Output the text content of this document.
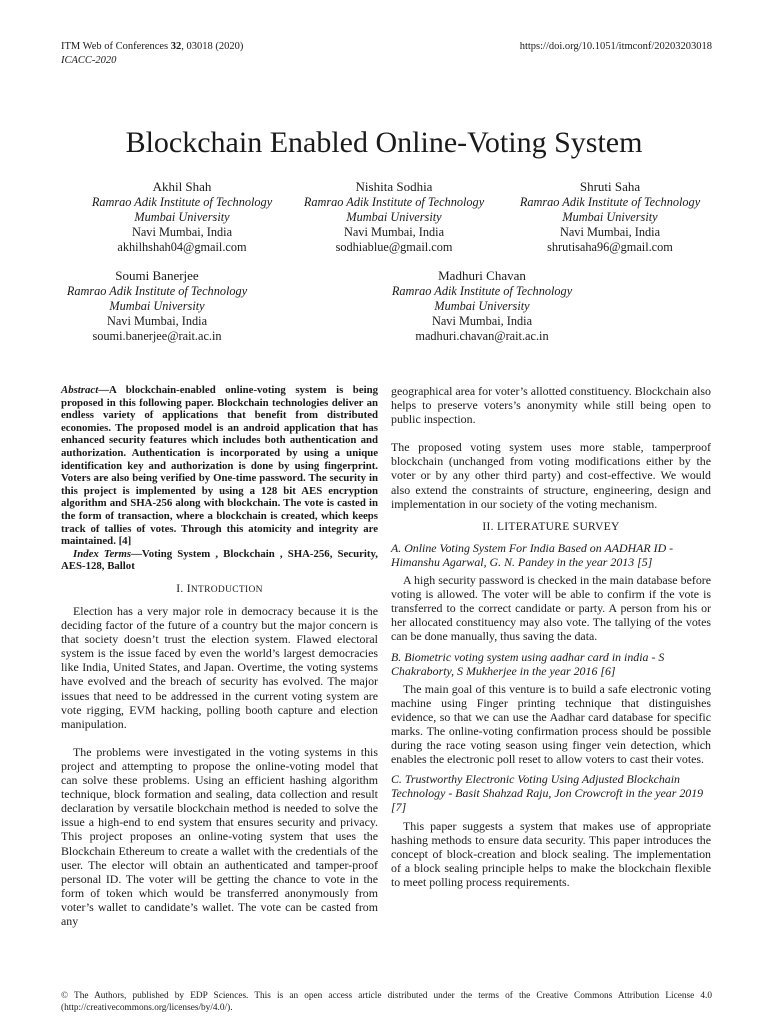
ITM Web of Conferences 32, 03018 (2020)
ICACC-2020
https://doi.org/10.1051/itmconf/20203203018
Blockchain Enabled Online-Voting System
Akhil Shah
Ramrao Adik Institute of Technology
Mumbai University
Navi Mumbai, India
akhilhshah04@gmail.com
Nishita Sodhia
Ramrao Adik Institute of Technology
Mumbai University
Navi Mumbai, India
sodhiablue@gmail.com
Shruti Saha
Ramrao Adik Institute of Technology
Mumbai University
Navi Mumbai, India
shrutisaha96@gmail.com
Soumi Banerjee
Ramrao Adik Institute of Technology
Mumbai University
Navi Mumbai, India
soumi.banerjee@rait.ac.in
Madhuri Chavan
Ramrao Adik Institute of Technology
Mumbai University
Navi Mumbai, India
madhuri.chavan@rait.ac.in
Abstract—A blockchain-enabled online-voting system is being proposed in this following paper. Blockchain technologies deliver an endless variety of applications that benefit from distributed economies. The proposed model is an android application that has enhanced security features which includes both authentication and authorization. Authentication is incorporated by using a unique identification key and authorization is done by using fingerprint. Voters are also being verified by One-time password. The security in this project is implemented by using a 128 bit AES encryption algorithm and SHA-256 along with blockchain. The vote is casted in the form of transaction, where a blockchain is created, which keeps track of tallies of votes. Through this atomicity and integrity are maintained. [4]
Index Terms—Voting System , Blockchain , SHA-256, Security, AES-128, Ballot
I. INTRODUCTION

Election has a very major role in democracy because it is the deciding factor of the future of a country but the major concern is that society doesn’t trust the election system. Flawed electoral system is the issue faced by even the world’s largest democracies like India, United States, and Japan. Overtime, the voting systems have evolved and the breach of security has evolved. The major issues that need to be addressed in the current voting system are vote rigging, EVM hacking, polling booth capture and election manipulation.

The problems were investigated in the voting systems in this project and attempting to propose the online-voting model that can solve these problems. Using an efficient hashing algorithm technique, block formation and sealing, data collection and result declaration by versatile blockchain method is needed to solve the issue a high-end to end system that ensures security and privacy. This project proposes an online-voting system that uses the Blockchain Ethereum to create a wallet with the credentials of the user. The elector will obtain an authenticated and tamper-proof personal ID. The voter will be getting the chance to vote in the form of token which would be transferred anonymously from voter’s wallet to candidate’s wallet. The vote can be casted from any

geographical area for voter’s allotted constituency. Blockchain also helps to preserve voters’s anonymity while still being open to public inspection.

The proposed voting system uses more stable, tamperproof blockchain (unchanged from voting modifications either by the voter or by any other third party) and cost-effective. We would also extend the constraints of structure, engineering, design and implementation in our society of the voting mechanism.

II. LITERATURE SURVEY

A. Online Voting System For India Based on AADHAR ID - Himanshu Agarwal, G. N. Pandey in the year 2013 [5]

A high security password is checked in the main database before voting is allowed. The voter will be able to confirm if the vote is transferred to the correct candidate or party. A person from his or her allocated constituency may also vote. The tallying of the votes can be done manually, thus saving the data.

B. Biometric voting system using aadhar card in india - S Chakraborty, S Mukherjee in the year 2016 [6]

The main goal of this venture is to build a safe electronic voting machine using Finger printing technique that distinguishes evidence, so that we can use the Aadhar card database for specific marks. The online-voting confirmation process should be possible during the race voting season using finger vein detection, which enables the electronic poll reset to allow voters to cast their votes.

C. Trustworthy Electronic Voting Using Adjusted Blockchain Technology - Basit Shahzad Raju, Jon Crowcroft in the year 2019 [7]

This paper suggests a system that makes use of appropriate hashing methods to ensure data security. This paper introduces the concept of block-creation and block sealing. The implementation of a block sealing principle helps to make the blockchain flexible to meet polling process requirements.

© The Authors, published by EDP Sciences. This is an open access article distributed under the terms of the Creative Commons Attribution License 4.0 (http://creativecommons.org/licenses/by/4.0/).
